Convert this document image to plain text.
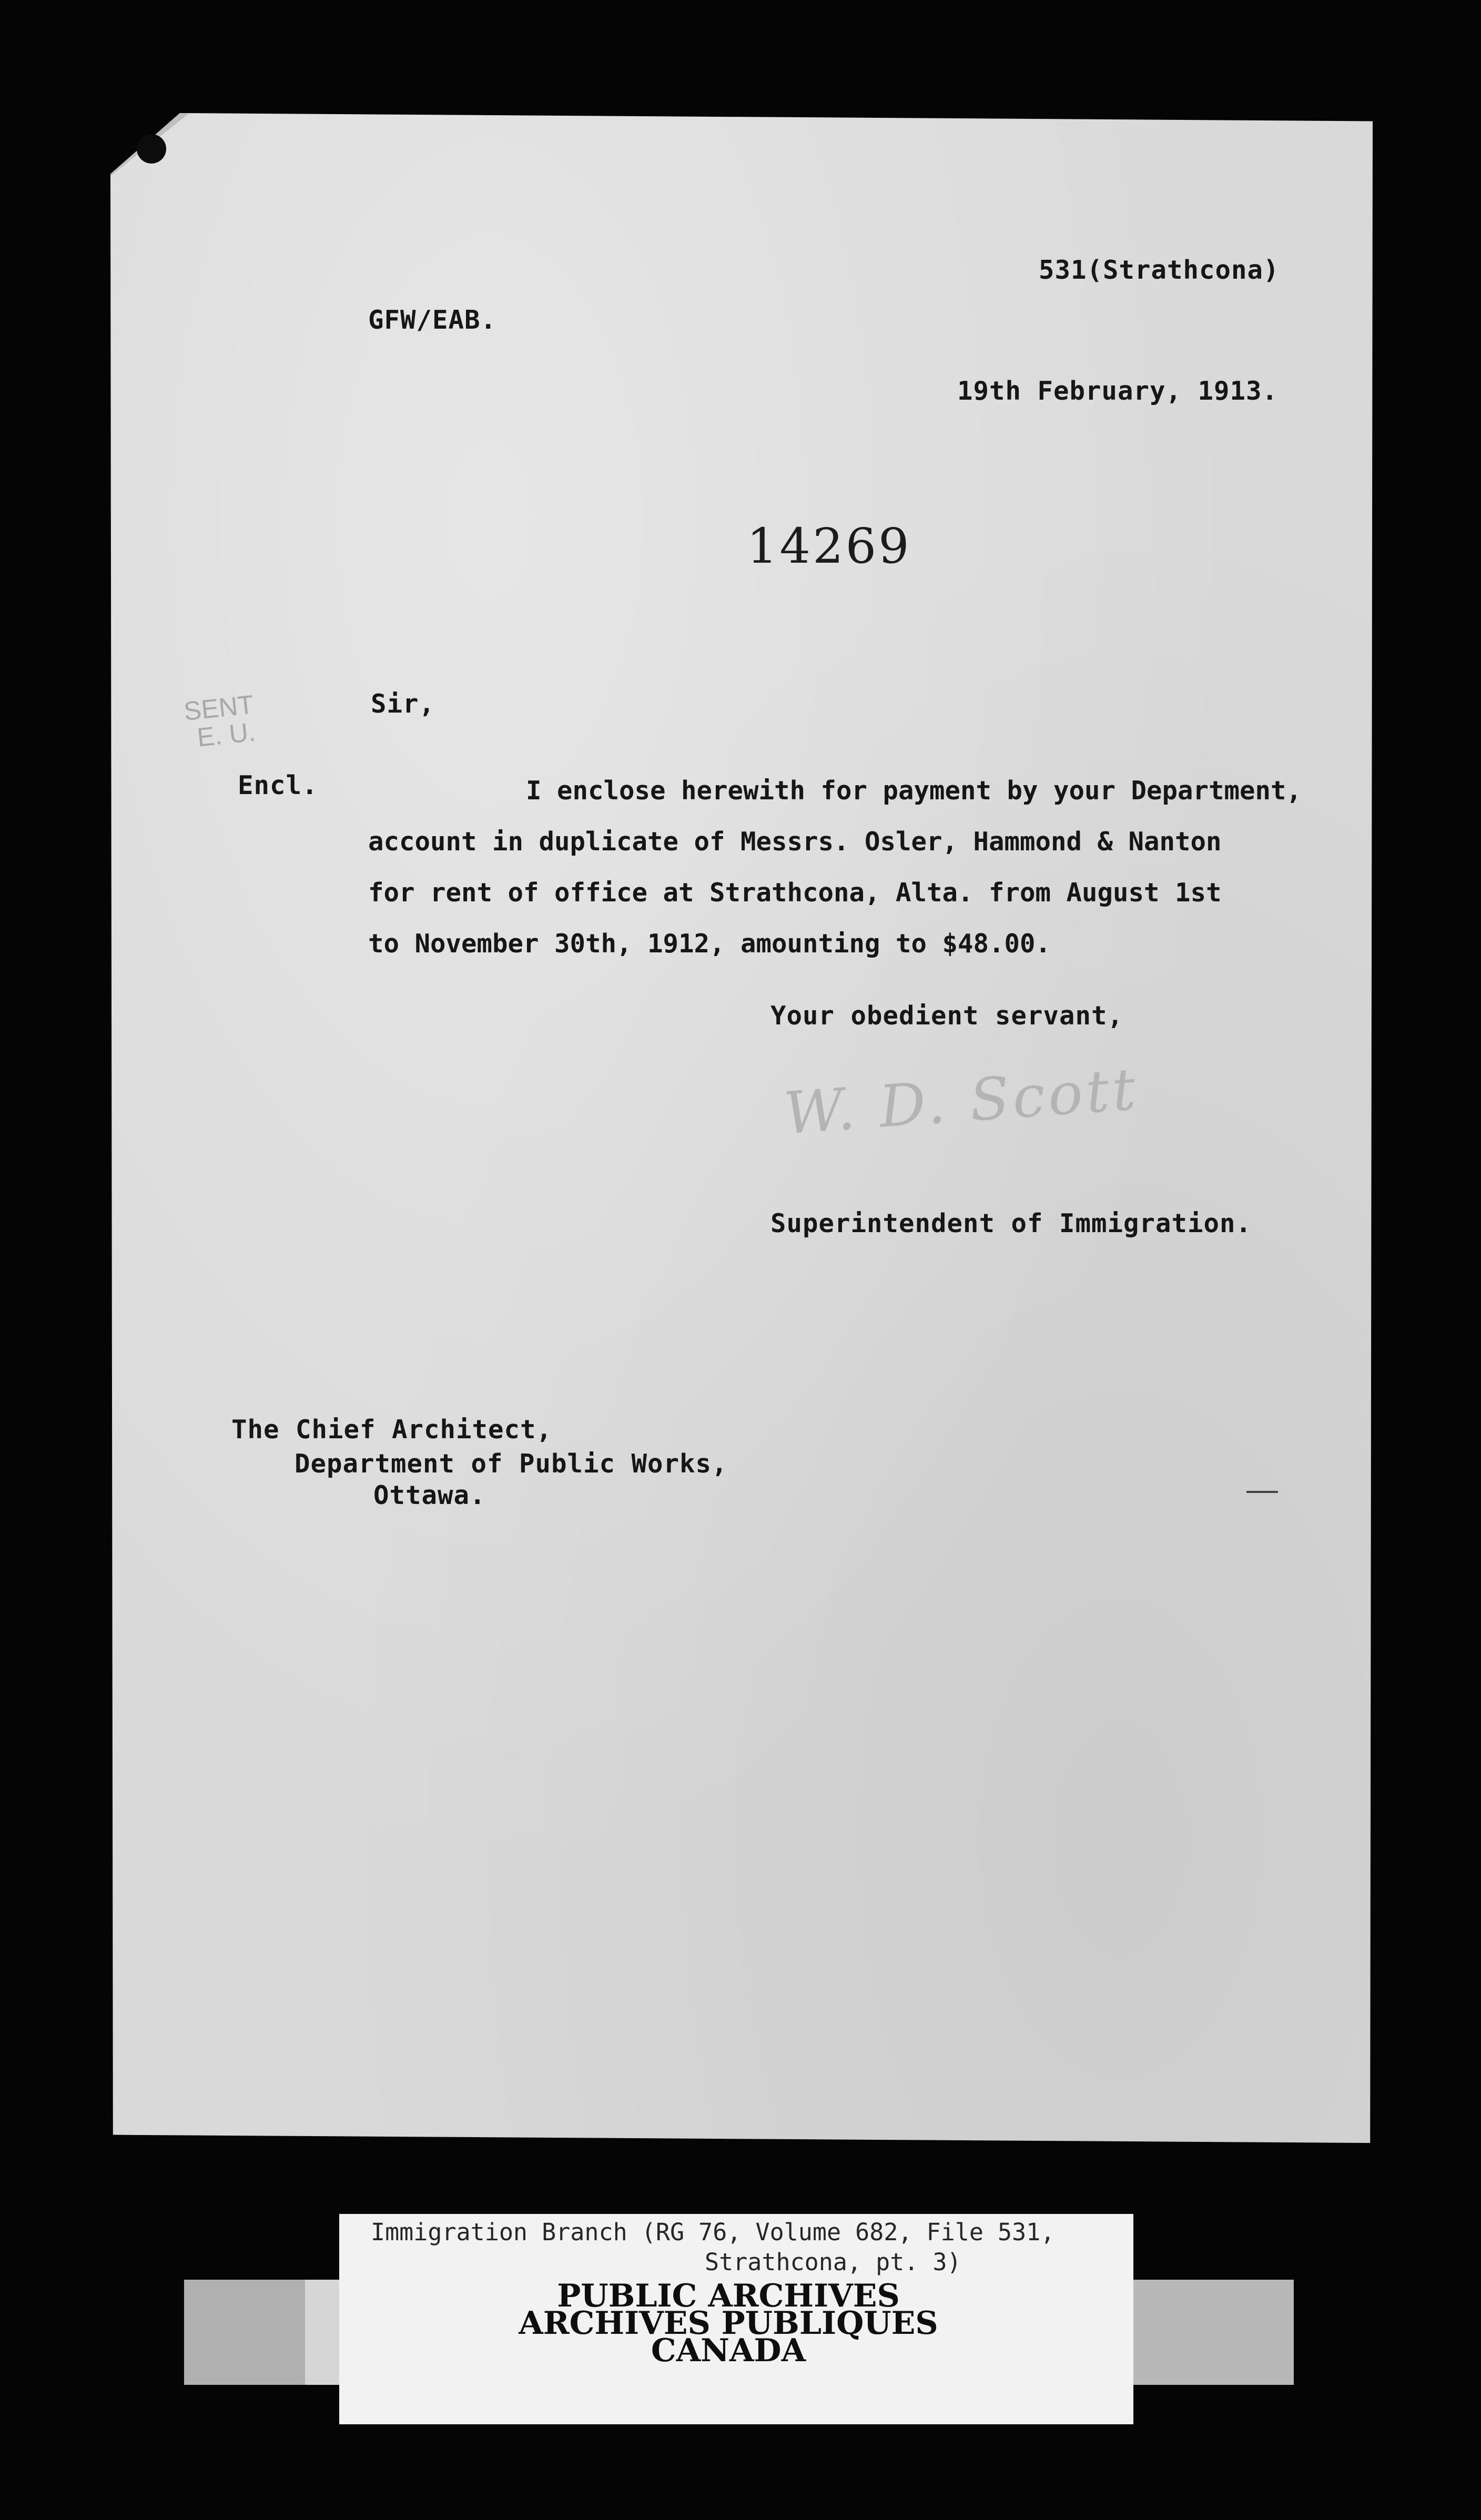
531(Strathcona)
GFW/EAB.
19th February, 1913.
14269
SENT
E. U.
Sir,
Encl.	I enclose herewith for payment by your Department,
account in duplicate of Messrs. Osler, Hammond & Nanton
for rent of office at Strathcona, Alta. from August 1st
to November 30th, 1912, amounting to $48.00.
Your obedient servant,
W. D. Scott
Superintendent of Immigration.
The Chief Architect,
Department of Public Works,
Ottawa.
Immigration Branch (RG 76, Volume 682, File 531,
Strathcona, pt. 3)
PUBLIC ARCHIVES
ARCHIVES PUBLIQUES
CANADA
